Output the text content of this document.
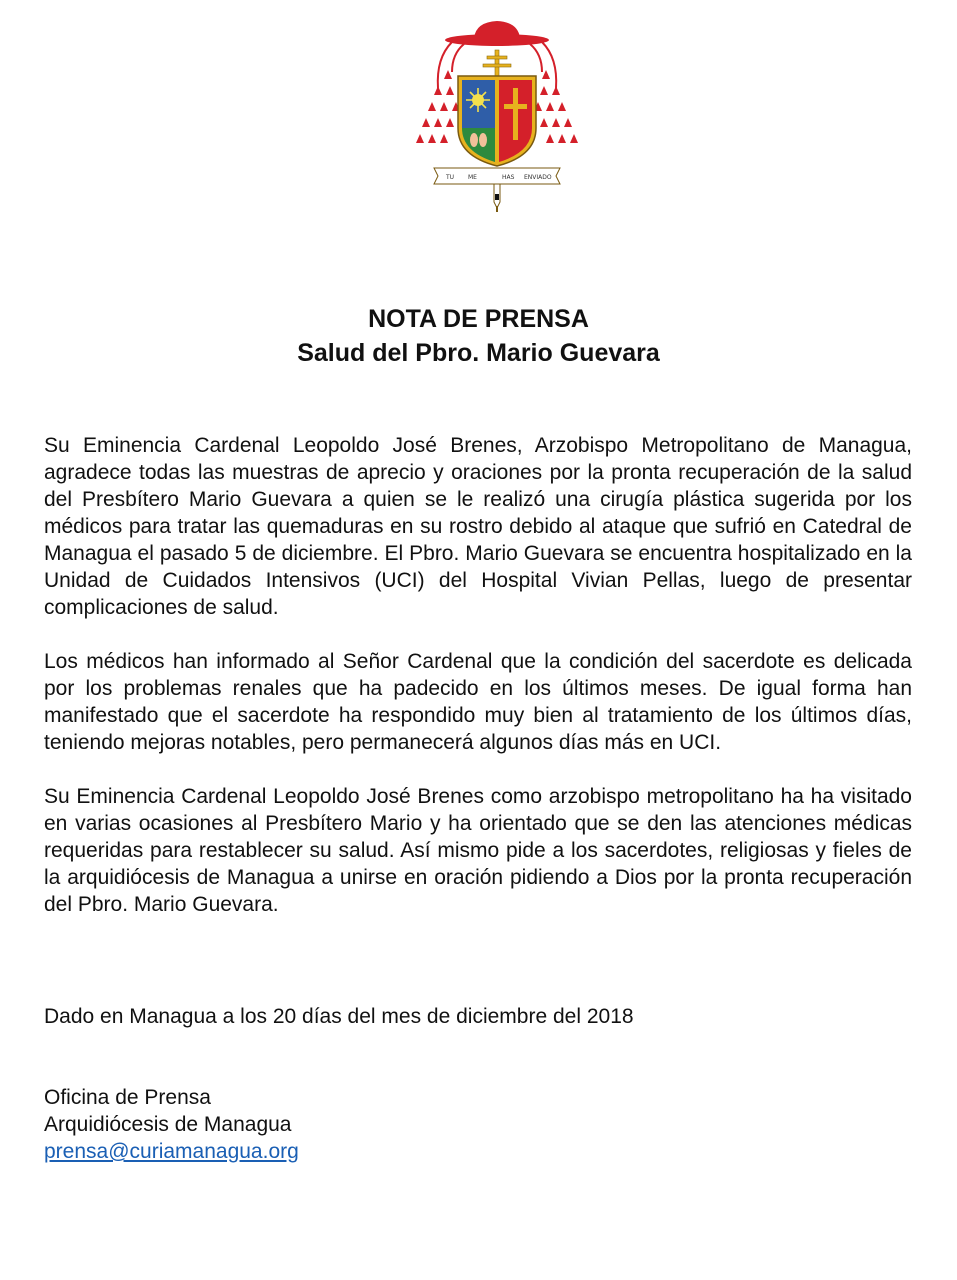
TU ME	HAS ENVIADO
NOTA DE PRENSA
Salud del Pbro. Mario Guevara

Su Eminencia Cardenal Leopoldo José Brenes, Arzobispo Metropolitano de Managua, agradece todas las muestras de aprecio y oraciones por la pronta recuperación de la salud del Presbítero Mario Guevara a quien se le realizó una cirugía plástica sugerida por los médicos para tratar las quemaduras en su rostro debido al ataque que sufrió en Catedral de Managua el pasado 5 de diciembre. El Pbro. Mario Guevara se encuentra hospitalizado en la Unidad de Cuidados Intensivos (UCI) del Hospital Vivian Pellas, luego de presentar complicaciones de salud.

Los médicos han informado al Señor Cardenal que la condición del sacerdote es delicada por los problemas renales que ha padecido en los últimos meses. De igual forma han manifestado que el sacerdote ha respondido muy bien al tratamiento de los últimos días, teniendo mejoras notables, pero permanecerá algunos días más en UCI.

Su Eminencia Cardenal Leopoldo José Brenes como arzobispo metropolitano ha ha visitado en varias ocasiones al Presbítero Mario y ha orientado que se den las atenciones médicas requeridas para restablecer su salud. Así mismo pide a los sacerdotes, religiosas y fieles de la arquidiócesis de Managua a unirse en oración pidiendo a Dios por la pronta recuperación del Pbro. Mario Guevara.

Dado en Managua a los 20 días del mes de diciembre del 2018
Oficina de Prensa
Arquidiócesis de Managua
prensa@curiamanagua.org
